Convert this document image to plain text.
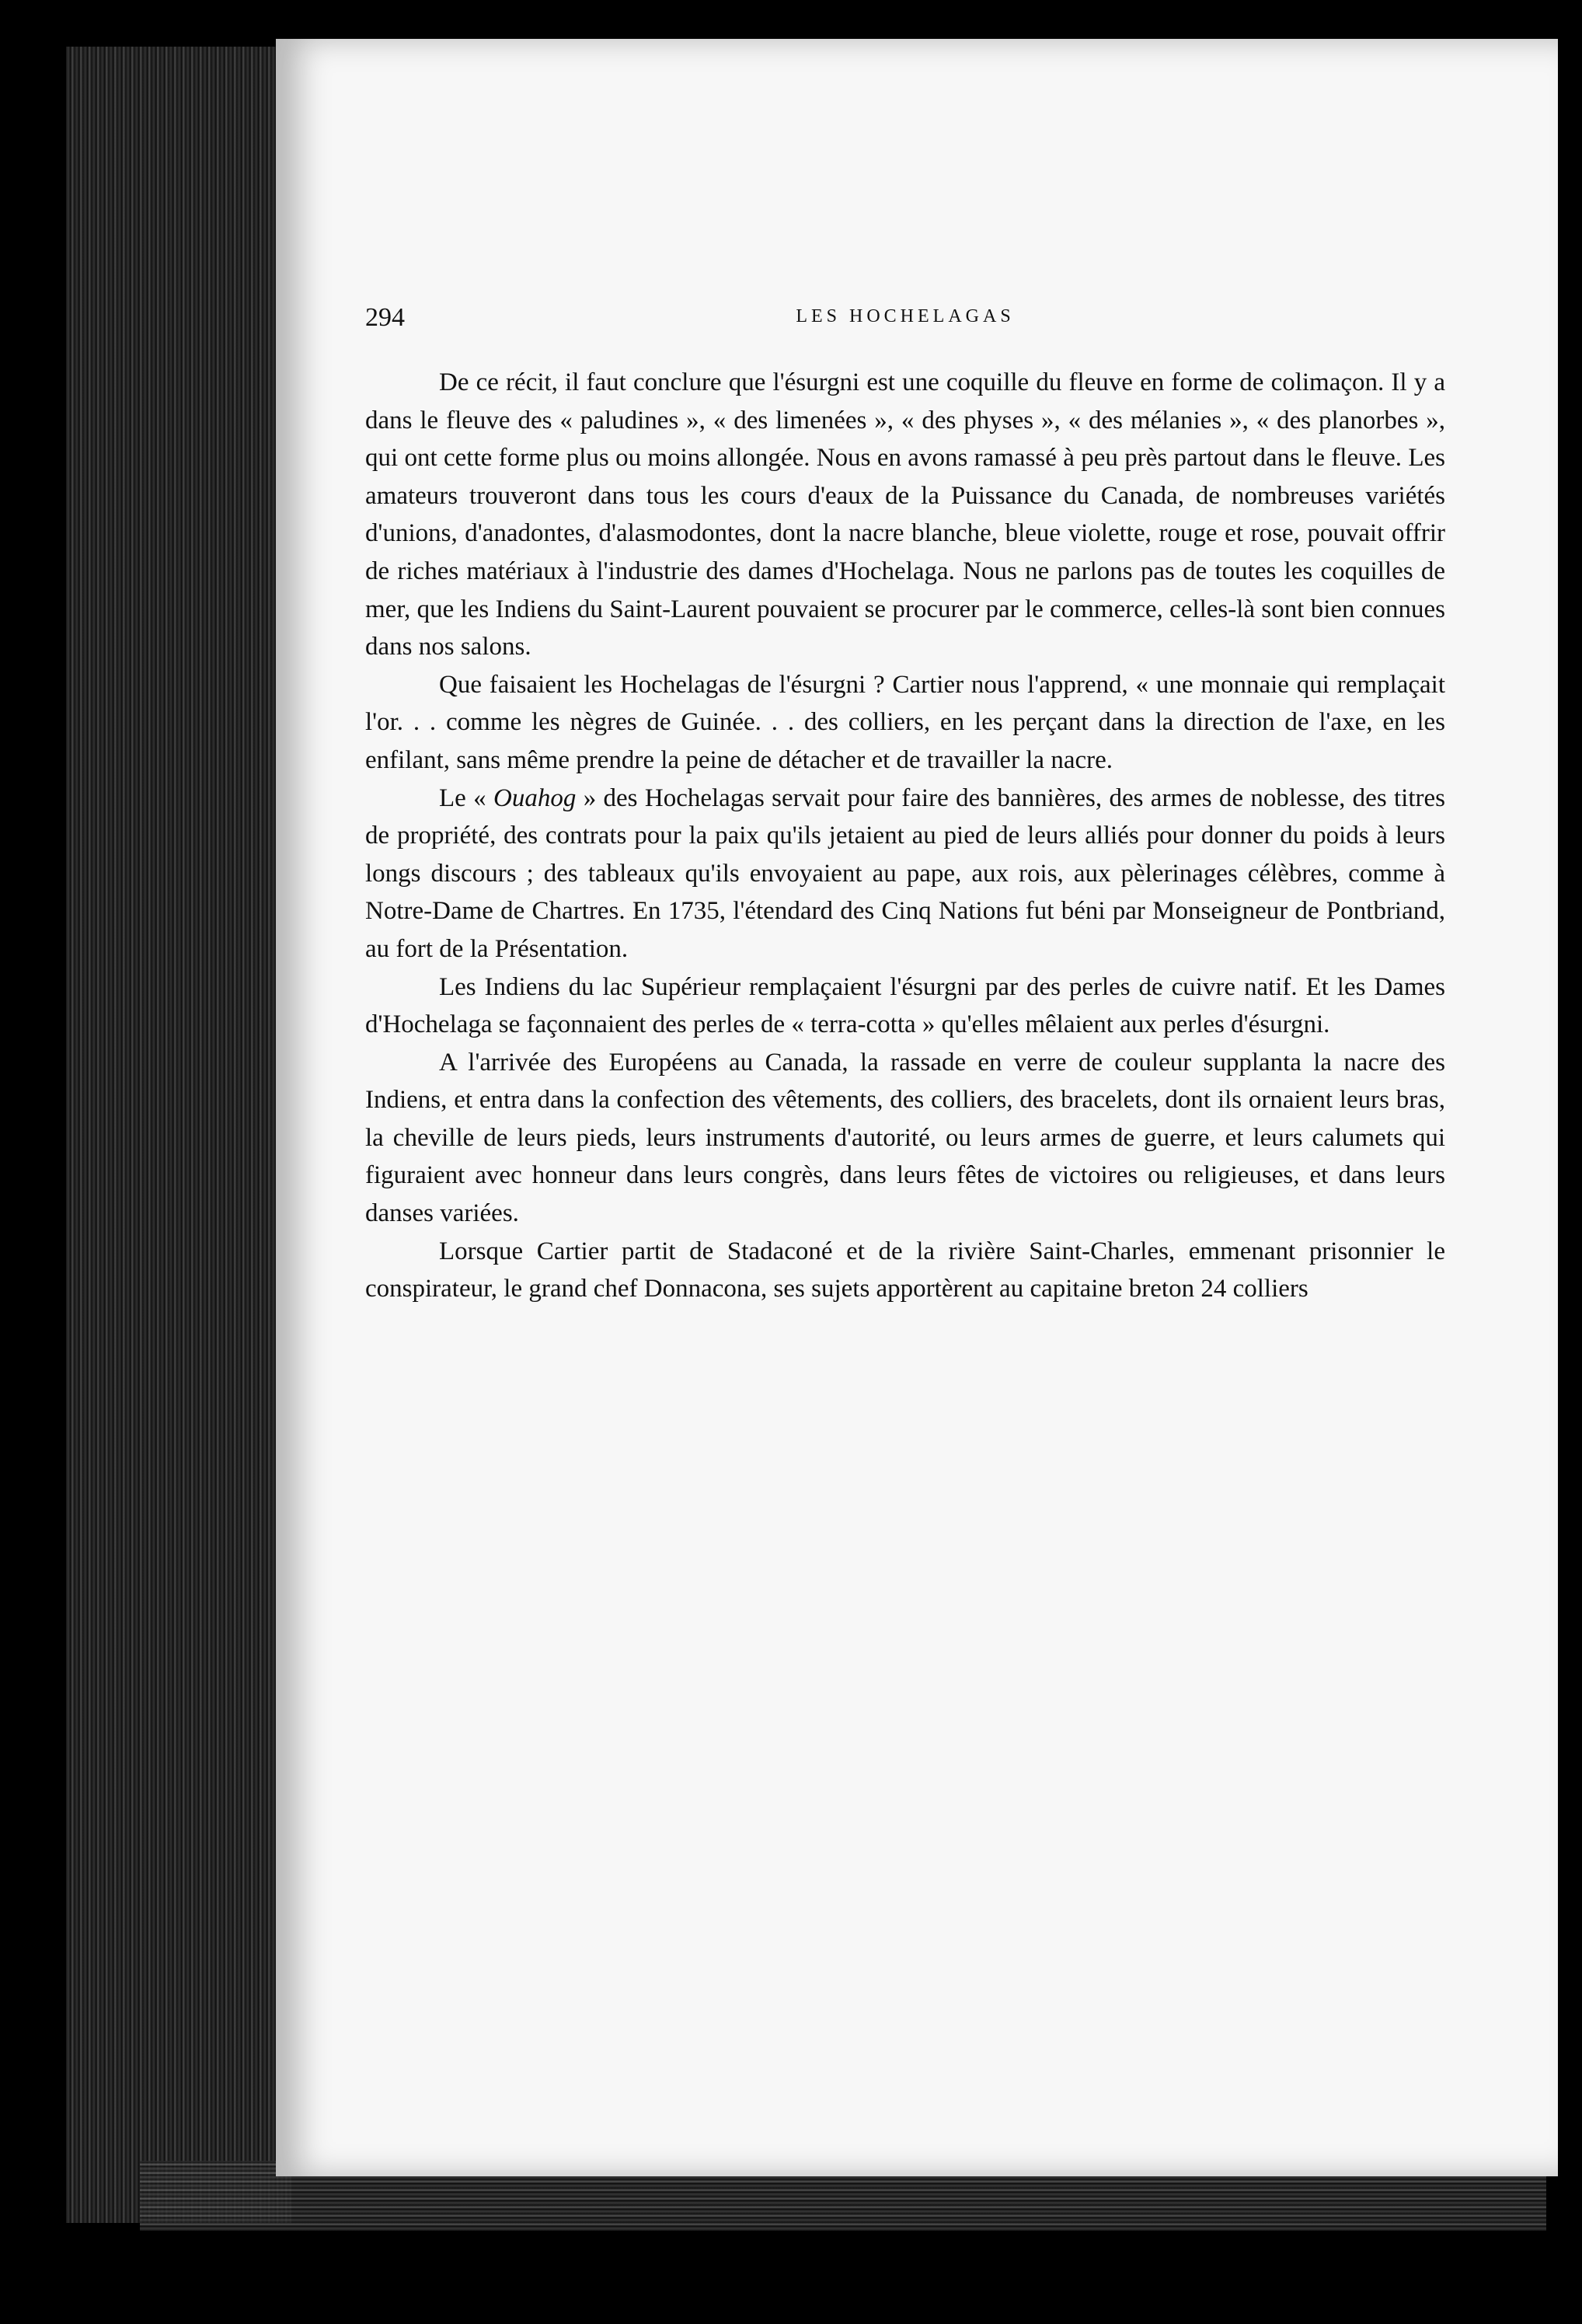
294	LES HOCHELAGAS

De ce récit, il faut conclure que l'ésurgni est une coquille du fleuve en forme de colimaçon. Il y a dans le fleuve des « paludines », « des limenées », « des physes », « des mélanies », « des planorbes », qui ont cette forme plus ou moins allongée. Nous en avons ramassé à peu près partout dans le fleuve. Les amateurs trouveront dans tous les cours d'eaux de la Puissance du Canada, de nombreuses variétés d'unions, d'anadontes, d'alasmodontes, dont la nacre blanche, bleue violette, rouge et rose, pouvait offrir de riches matériaux à l'industrie des dames d'Hochelaga. Nous ne parlons pas de toutes les coquilles de mer, que les Indiens du Saint-Laurent pouvaient se procurer par le commerce, celles-là sont bien connues dans nos salons.

Que faisaient les Hochelagas de l'ésurgni ? Cartier nous l'apprend, « une monnaie qui remplaçait l'or. . . comme les nègres de Guinée. . . des colliers, en les perçant dans la direction de l'axe, en les enfilant, sans même prendre la peine de détacher et de travailler la nacre.

Le « Ouahog » des Hochelagas servait pour faire des bannières, des armes de noblesse, des titres de propriété, des contrats pour la paix qu'ils jetaient au pied de leurs alliés pour donner du poids à leurs longs discours ; des tableaux qu'ils envoyaient au pape, aux rois, aux pèlerinages célèbres, comme à Notre-Dame de Chartres. En 1735, l'étendard des Cinq Nations fut béni par Monseigneur de Pontbriand, au fort de la Présentation.

Les Indiens du lac Supérieur remplaçaient l'ésurgni par des perles de cuivre natif. Et les Dames d'Hochelaga se façonnaient des perles de « terra-cotta » qu'elles mêlaient aux perles d'ésurgni.

A l'arrivée des Européens au Canada, la rassade en verre de couleur supplanta la nacre des Indiens, et entra dans la confection des vêtements, des colliers, des bracelets, dont ils ornaient leurs bras, la cheville de leurs pieds, leurs instruments d'autorité, ou leurs armes de guerre, et leurs calumets qui figuraient avec honneur dans leurs congrès, dans leurs fêtes de victoires ou religieuses, et dans leurs danses variées.

Lorsque Cartier partit de Stadaconé et de la rivière Saint-Charles, emmenant prisonnier le conspirateur, le grand chef Donnacona, ses sujets apportèrent au capitaine breton 24 colliers
